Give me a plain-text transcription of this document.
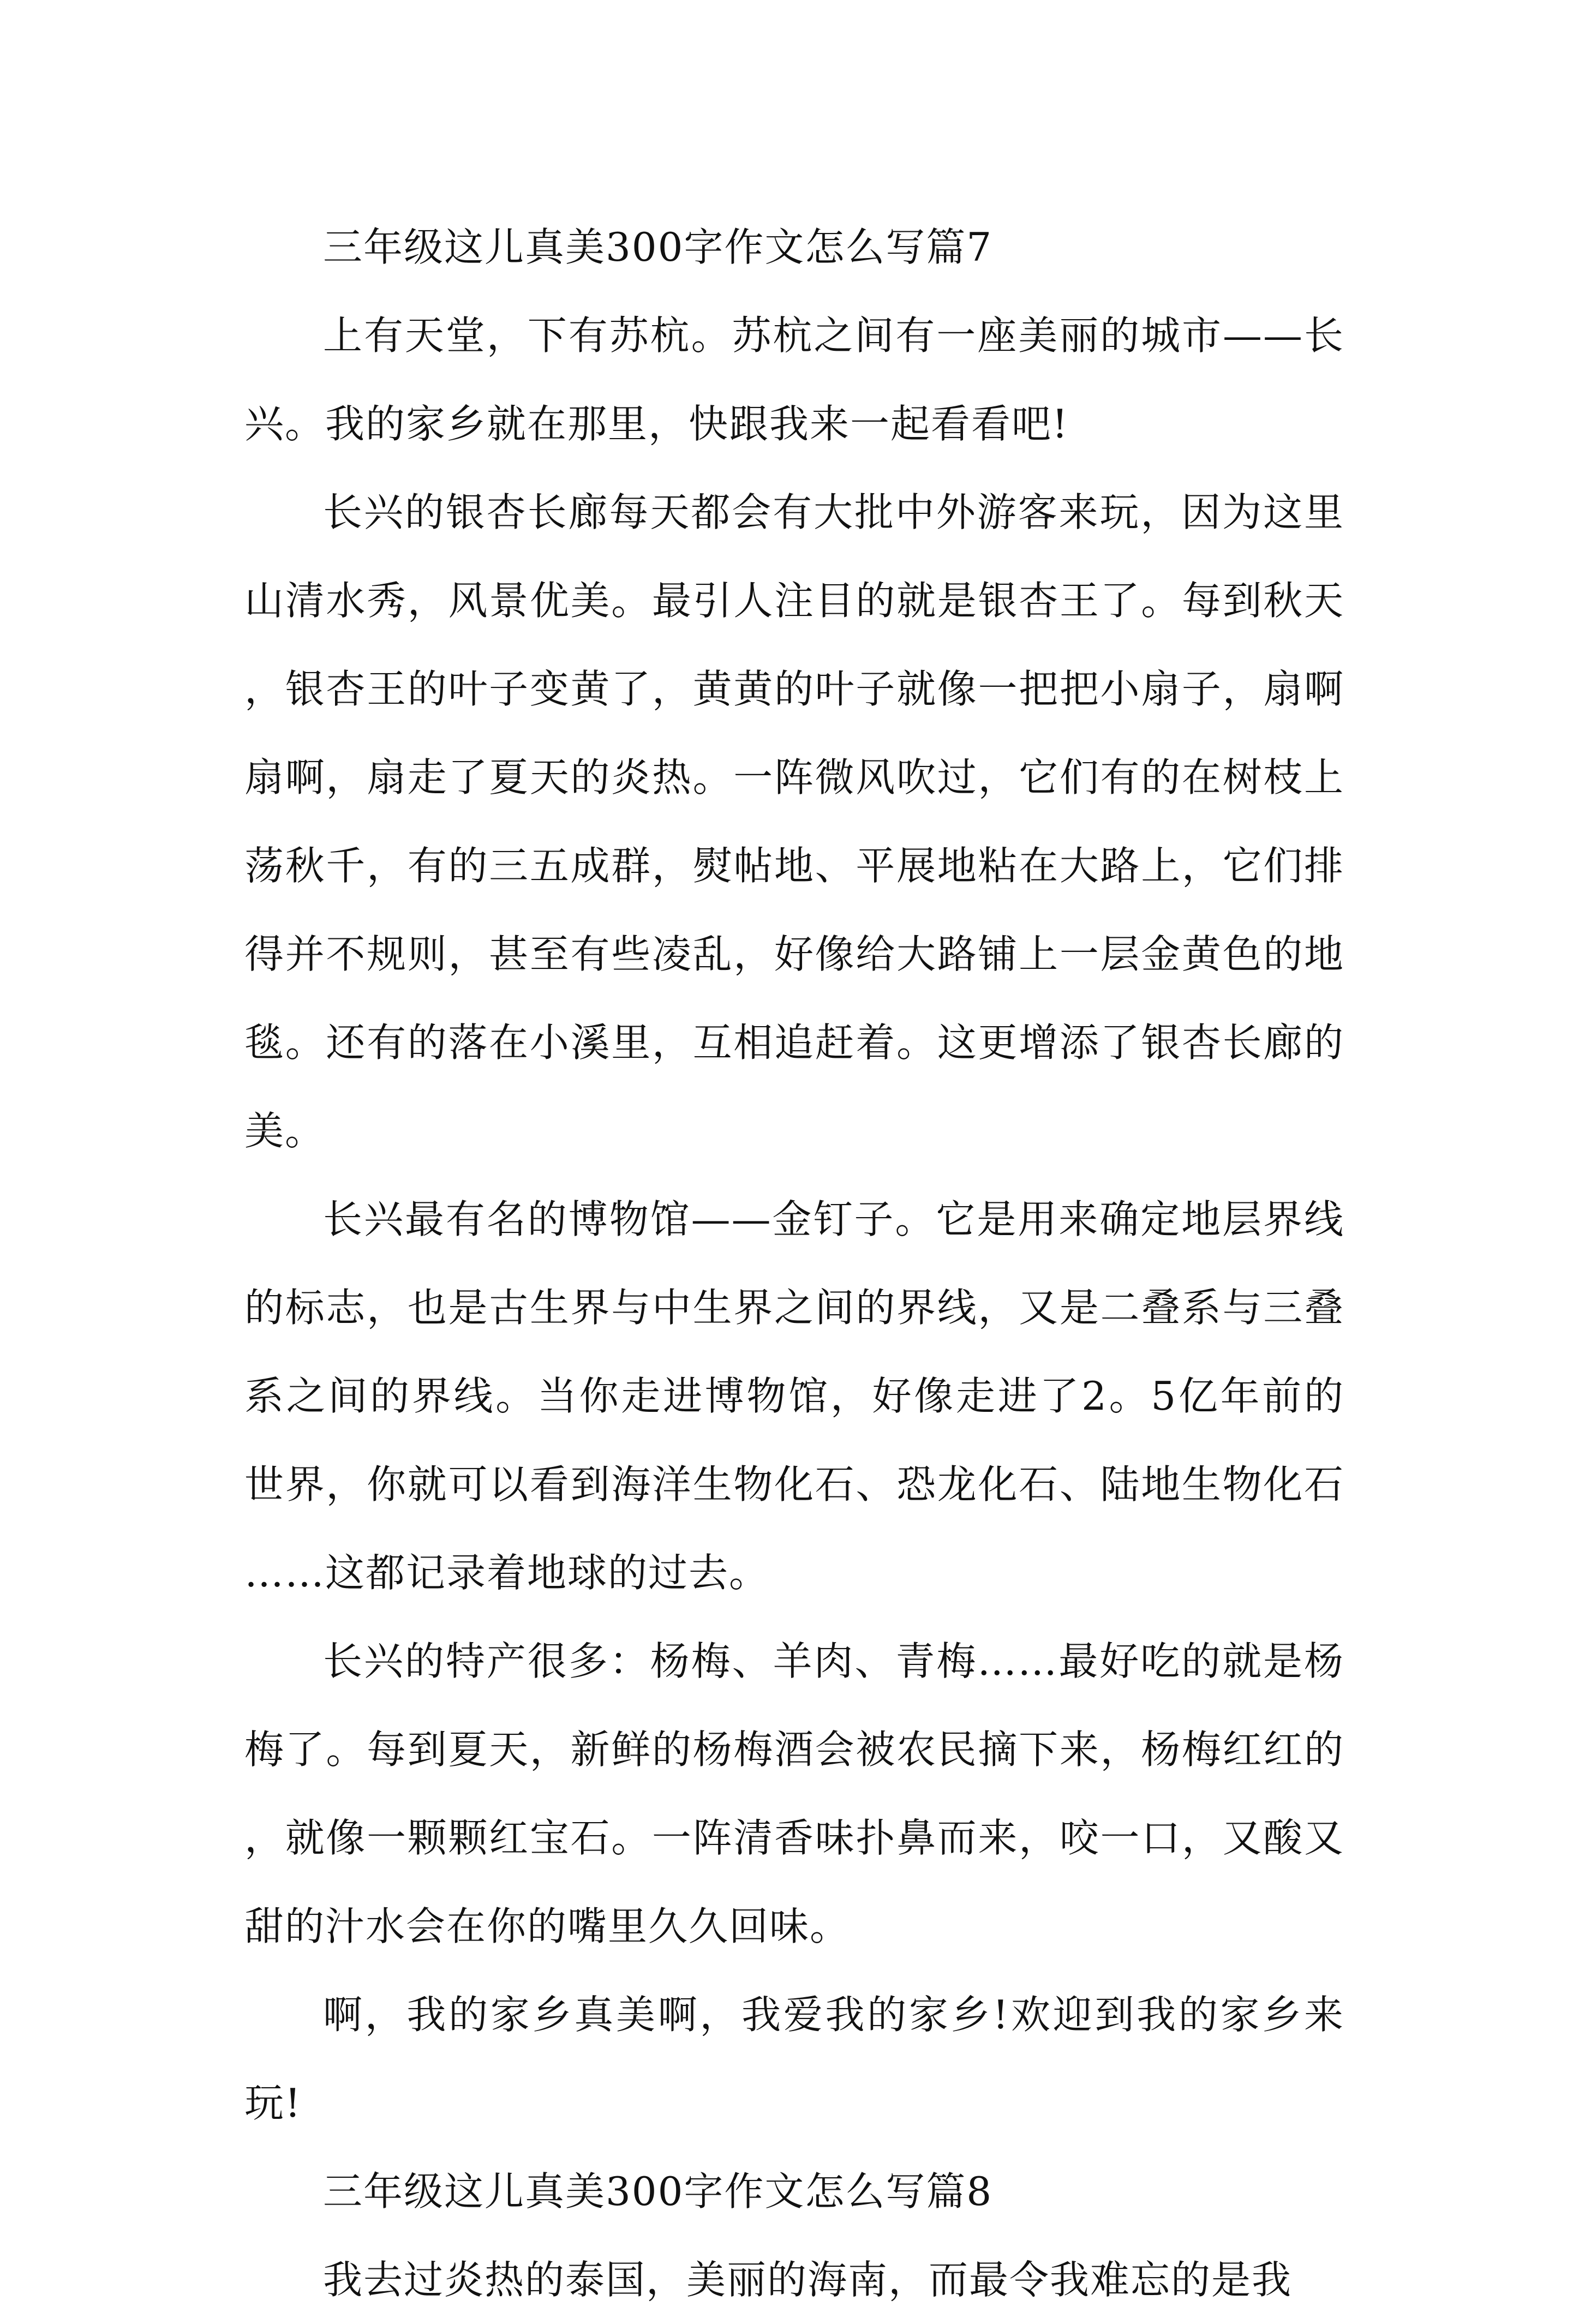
三年级这儿真美300字作文怎么写篇7

上有天堂，下有苏杭。苏杭之间有一座美丽的城市——长兴。我的家乡就在那里，快跟我来一起看看吧!

长兴的银杏长廊每天都会有大批中外游客来玩，因为这里山清水秀，风景优美。最引人注目的就是银杏王了。每到秋天，银杏王的叶子变黄了，黄黄的叶子就像一把把小扇子，扇啊扇啊，扇走了夏天的炎热。一阵微风吹过，它们有的在树枝上荡秋千，有的三五成群，熨帖地、平展地粘在大路上，它们排得并不规则，甚至有些凌乱，好像给大路铺上一层金黄色的地毯。还有的落在小溪里，互相追赶着。这更增添了银杏长廊的美。

长兴最有名的博物馆——金钉子。它是用来确定地层界线的标志，也是古生界与中生界之间的界线，又是二叠系与三叠系之间的界线。当你走进博物馆，好像走进了2。5亿年前的世界，你就可以看到海洋生物化石、恐龙化石、陆地生物化石……这都记录着地球的过去。

长兴的特产很多：杨梅、羊肉、青梅……最好吃的就是杨梅了。每到夏天，新鲜的杨梅酒会被农民摘下来，杨梅红红的，就像一颗颗红宝石。一阵清香味扑鼻而来，咬一口，又酸又甜的汁水会在你的嘴里久久回味。

啊，我的家乡真美啊，我爱我的家乡!欢迎到我的家乡来玩!

三年级这儿真美300字作文怎么写篇8

我去过炎热的泰国，美丽的海南，而最令我难忘的是我
